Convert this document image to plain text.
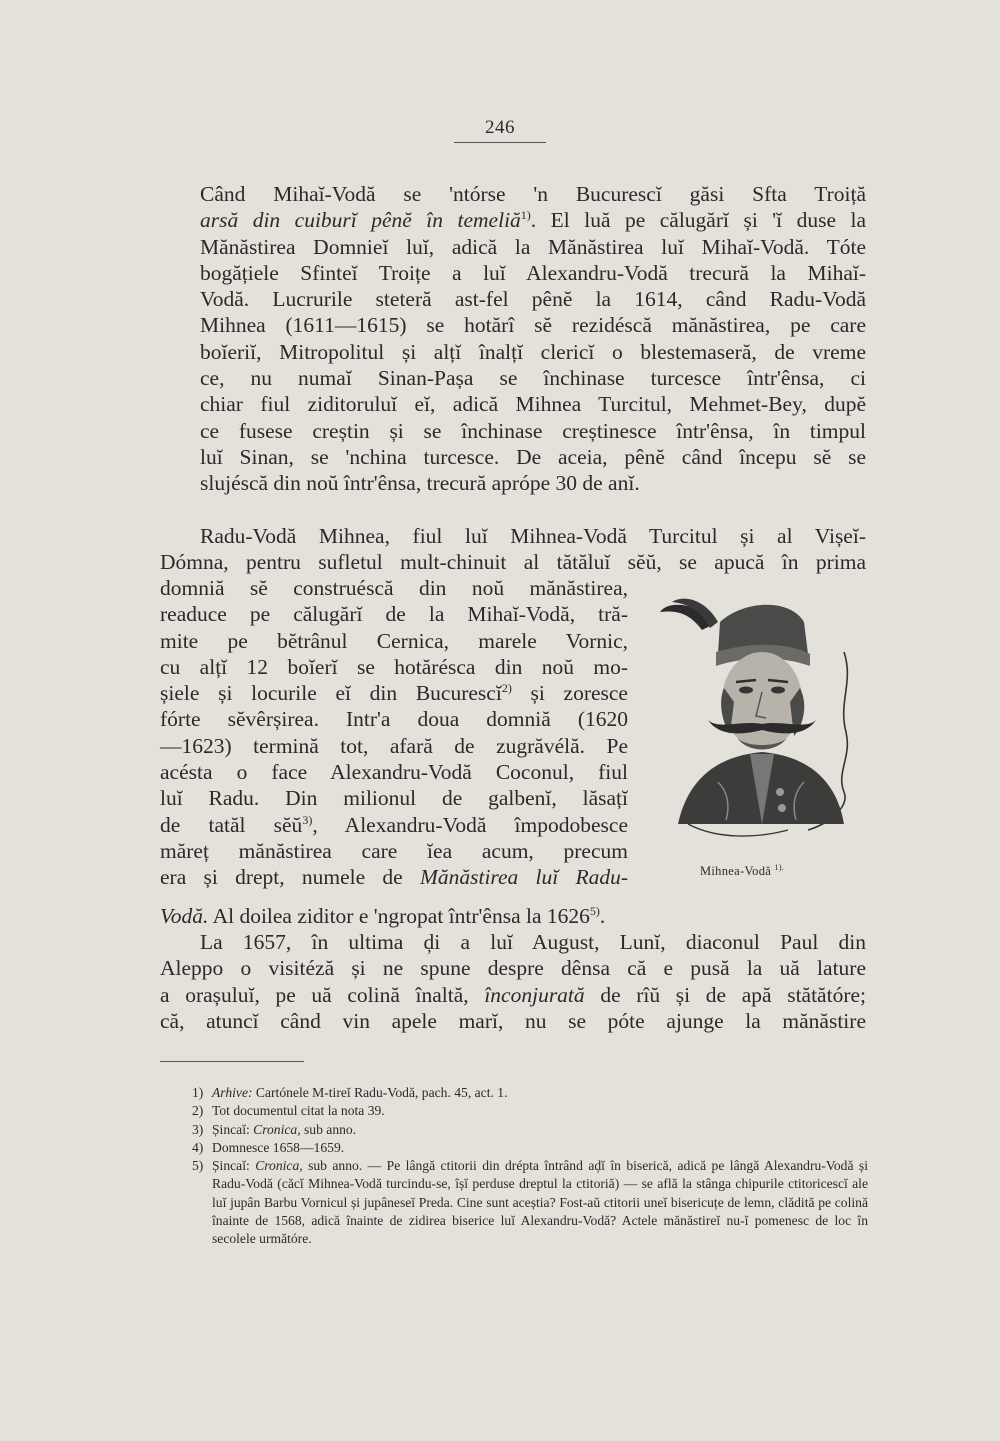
246

Când Mihaĭ-Vodă se 'ntórse 'n Bucurescĭ găsi Sfta Troiță
arsă din cuiburĭ pênĕ în temeliă$^{1)}$. El luă pe călugărĭ și 'ĭ duse la
Mănăstirea Domnieĭ luĭ, adică la Mănăstirea luĭ Mihaĭ-Vodă. Tóte
bogățiele Sfinteĭ Troițe a luĭ Alexandru-Vodă trecură la Mihaĭ-
Vodă. Lucrurile steteră ast-fel pênĕ la 1614, când Radu-Vodă
Mihnea (1611—1615) se hotărî sĕ rezidéscă mănăstirea, pe care
boĭeriĭ, Mitropolitul și alțĭ înalțĭ clericĭ o blestemaseră, de vreme
ce, nu numaĭ Sinan-Pașa se închinase turcesce într'ênsa, ci
chiar fiul ziditoruluĭ eĭ, adică Mihnea Turcitul, Mehmet-Bey, dupĕ
ce fusese creștin și se închinase creștinesce într'ênsa, în timpul
luĭ Sinan, se 'nchina turcesce. De aceia, pênĕ când începu sĕ se
slujéscă din noŭ într'ênsa, trecură aprópe 30 de anĭ.

Radu-Vodă Mihnea, fiul luĭ Mihnea-Vodă Turcitul și al Vișeĭ-
Dómna, pentru sufletul mult-chinuit al tătăluĭ sĕŭ, se apucă în prima
domniă sĕ construéscă din noŭ mănăstirea,
readuce pe călugărĭ de la Mihaĭ-Vodă, tră-
mite pe bĕtrânul Cernica, marele Vornic,
cu alțĭ 12 boĭerĭ se hotărésca din noŭ mo-
șiele și locurile eĭ din Bucurescĭ$^{2)}$ și zoresce
fórte sĕvêrșirea. Intr'a doua domniă (1620
—1623) termină tot, afară de zugrăvélă. Pe
acésta o face Alexandru-Vodă Coconul, fiul
luĭ Radu. Din milionul de galbenĭ, lăsațĭ
de tatăl sĕŭ$^{3)}$, Alexandru-Vodă împodobesce
măreț mănăstirea care ĭea acum, precum
era și drept, numele de Mănăstirea luĭ Radu-
Vodă. Al doilea ziditor e 'ngropat într'ênsa la 1626$^{5)}$.
La 1657, în ultima ḑi a luĭ August, Lunĭ, diaconul Paul din
Aleppo o visitéză și ne spune despre dênsa că e pusă la uă lature
a orașuluĭ, pe uă colină înaltă, înconjurată de rîŭ și de apă stătătóre;
că, atuncĭ când vin apele marĭ, nu se póte ajunge la mănăstire
Mihnea-Vodă $^{1).}$
1) Arhive: Cartónele M-tireĭ Radu-Vodă, pach. 45, act. 1.
2) Tot documentul citat la nota 39.
3) Șincaĭ: Cronica, sub anno.
4) Domnesce 1658—1659.
5) Șincaĭ: Cronica, sub anno. — Pe lângă ctitorii din drépta întrând aḑĭ în biserică, adică pe lângă Alexandru-Vodă și Radu-Vodă (căcĭ Mihnea-Vodă turcindu-se, îșĭ perduse dreptul la ctitoriă) — se află la stânga chipurile ctitoricescĭ ale luĭ jupân Barbu Vornicul și jupâneseĭ Preda. Cine sunt aceștia? Fost-aŭ ctitorii uneĭ bisericuțe de lemn, clădită pe colină înainte de 1568, adică înainte de zidirea biserice luĭ Alexandru-Vodă? Actele mănăstireĭ nu-ĭ pomenesc de loc în secolele următóre.
